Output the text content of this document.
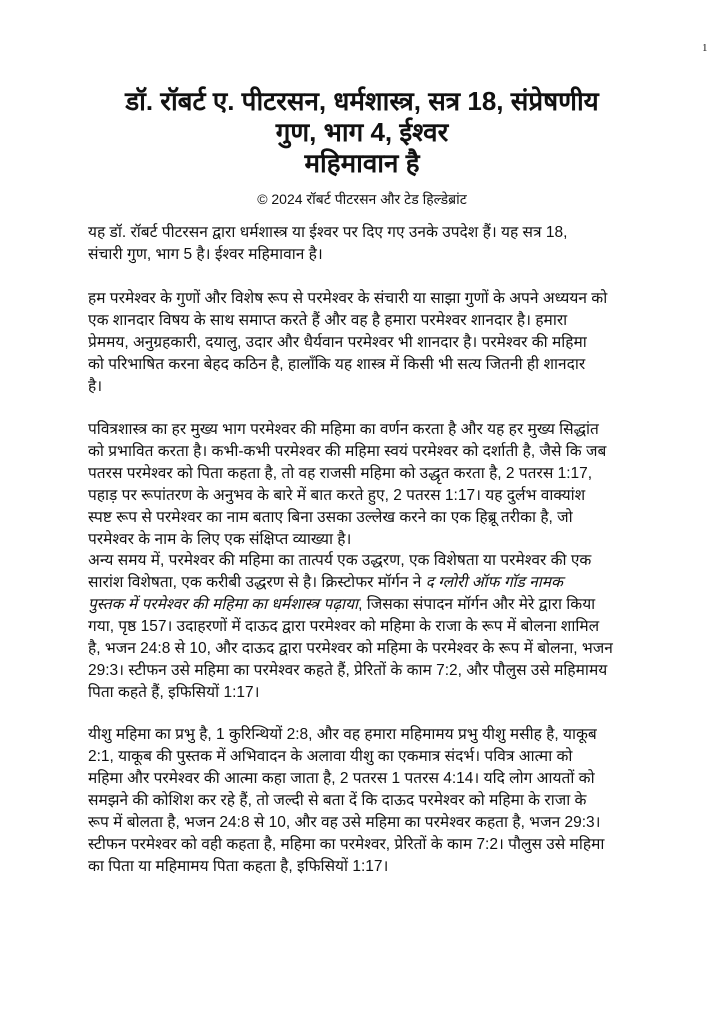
1
डॉ. रॉबर्ट ए. पीटरसन, धर्मशास्त्र, सत्र 18, संप्रेषणीय
गुण, भाग 4, ईश्वर
महिमावान है
© 2024 रॉबर्ट पीटरसन और टेड हिल्डेब्रांट
यह डॉ. रॉबर्ट पीटरसन द्वारा धर्मशास्त्र या ईश्वर पर दिए गए उनके उपदेश हैं। यह सत्र 18,
संचारी गुण, भाग 5 है। ईश्वर महिमावान है।
हम परमेश्वर के गुणों और विशेष रूप से परमेश्वर के संचारी या साझा गुणों के अपने अध्ययन को
एक शानदार विषय के साथ समाप्त करते हैं और वह है हमारा परमेश्वर शानदार है। हमारा
प्रेममय, अनुग्रहकारी, दयालु, उदार और धैर्यवान परमेश्वर भी शानदार है। परमेश्वर की महिमा
को परिभाषित करना बेहद कठिन है, हालाँकि यह शास्त्र में किसी भी सत्य जितनी ही शानदार
है।
पवित्रशास्त्र का हर मुख्य भाग परमेश्वर की महिमा का वर्णन करता है और यह हर मुख्य सिद्धांत
को प्रभावित करता है। कभी-कभी परमेश्वर की महिमा स्वयं परमेश्वर को दर्शाती है, जैसे कि जब
पतरस परमेश्वर को पिता कहता है, तो वह राजसी महिमा को उद्धृत करता है, 2 पतरस 1:17,
पहाड़ पर रूपांतरण के अनुभव के बारे में बात करते हुए, 2 पतरस 1:17। यह दुर्लभ वाक्यांश
स्पष्ट रूप से परमेश्वर का नाम बताए बिना उसका उल्लेख करने का एक हिब्रू तरीका है, जो
परमेश्वर के नाम के लिए एक संक्षिप्त व्याख्या है।
अन्य समय में, परमेश्वर की महिमा का तात्पर्य एक उद्धरण, एक विशेषता या परमेश्वर की एक
सारांश विशेषता, एक करीबी उद्धरण से है। क्रिस्टोफर मॉर्गन ने द ग्लोरी ऑफ गॉड नामक
पुस्तक में परमेश्वर की महिमा का धर्मशास्त्र पढ़ाया, जिसका संपादन मॉर्गन और मेरे द्वारा किया
गया, पृष्ठ 157। उदाहरणों में दाऊद द्वारा परमेश्वर को महिमा के राजा के रूप में बोलना शामिल
है, भजन 24:8 से 10, और दाऊद द्वारा परमेश्वर को महिमा के परमेश्वर के रूप में बोलना, भजन
29:3। स्टीफन उसे महिमा का परमेश्वर कहते हैं, प्रेरितों के काम 7:2, और पौलुस उसे महिमामय
पिता कहते हैं, इफिसियों 1:17।
यीशु महिमा का प्रभु है, 1 कुरिन्थियों 2:8, और वह हमारा महिमामय प्रभु यीशु मसीह है, याकूब
2:1, याकूब की पुस्तक में अभिवादन के अलावा यीशु का एकमात्र संदर्भ। पवित्र आत्मा को
महिमा और परमेश्वर की आत्मा कहा जाता है, 2 पतरस 1 पतरस 4:14। यदि लोग आयतों को
समझने की कोशिश कर रहे हैं, तो जल्दी से बता दें कि दाऊद परमेश्वर को महिमा के राजा के
रूप में बोलता है, भजन 24:8 से 10, और वह उसे महिमा का परमेश्वर कहता है, भजन 29:3।
स्टीफन परमेश्वर को वही कहता है, महिमा का परमेश्वर, प्रेरितों के काम 7:2। पौलुस उसे महिमा
का पिता या महिमामय पिता कहता है, इफिसियों 1:17।
